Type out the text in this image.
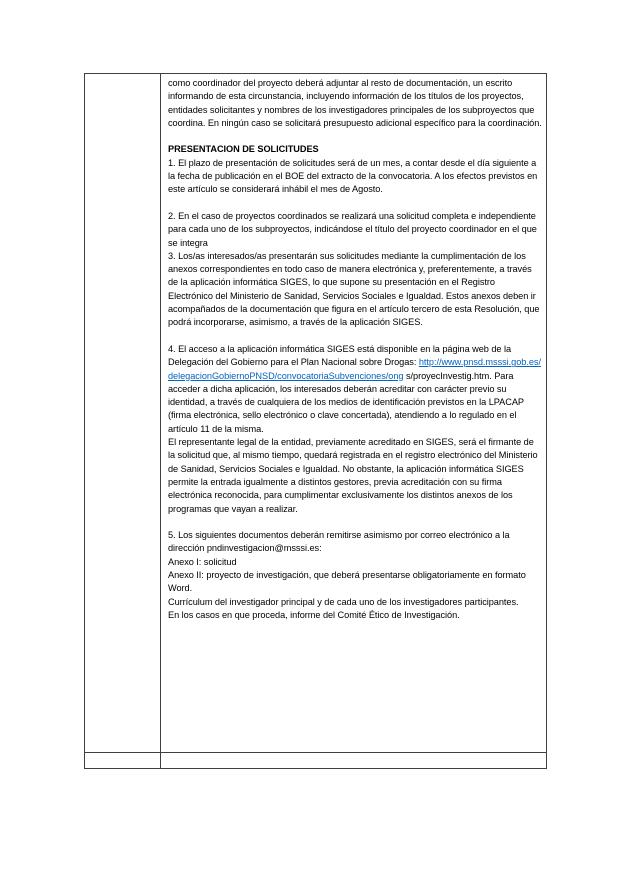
como coordinador del proyecto deberá adjuntar al resto de documentación, un escrito informando de esta circunstancia, incluyendo información de los títulos de los proyectos, entidades solicitantes y nombres de los investigadores principales de los subproyectos que coordina. En ningún caso se solicitará presupuesto adicional específico para la coordinación.

PRESENTACION DE SOLICITUDES

1. El plazo de presentación de solicitudes será de un mes, a contar desde el día siguiente a la fecha de publicación en el BOE del extracto de la convocatoria. A los efectos previstos en este artículo se considerará inhábil el mes de Agosto.

2. En el caso de proyectos coordinados se realizará una solicitud completa e independiente para cada uno de los subproyectos, indicándose el título del proyecto coordinador en el que se integra

3. Los/as interesados/as presentarán sus solicitudes mediante la cumplimentación de los anexos correspondientes en todo caso de manera electrónica y, preferentemente, a través de la aplicación informática SIGES, lo que supone su presentación en el Registro Electrónico del Ministerio de Sanidad, Servicios Sociales e Igualdad. Estos anexos deben ir acompañados de la documentación que figura en el artículo tercero de esta Resolución, que podrá incorporarse, asimismo, a través de la aplicación SIGES.

4. El acceso a la aplicación informática SIGES está disponible en la página web de la Delegación del Gobierno para el Plan Nacional sobre Drogas: http://www.pnsd.msssi.gob.es/delegacionGobiernoPNSD/convocatoriaSubvenciones/ong s/proyecInvestig.htm. Para acceder a dicha aplicación, los interesados deberán acreditar con carácter previo su identidad, a través de cualquiera de los medios de identificación previstos en la LPACAP (firma electrónica, sello electrónico o clave concertada), atendiendo a lo regulado en el artículo 11 de la misma.

El representante legal de la entidad, previamente acreditado en SIGES, será el firmante de la solicitud que, al mismo tiempo, quedará registrada en el registro electrónico del Ministerio de Sanidad, Servicios Sociales e Igualdad. No obstante, la aplicación informática SIGES permite la entrada igualmente a distintos gestores, previa acreditación con su firma electrónica reconocida, para cumplimentar exclusivamente los distintos anexos de los programas que vayan a realizar.

5. Los siguientes documentos deberán remitirse asimismo por correo electrónico a la dirección pndinvestigacion@msssi.es:

Anexo I: solicitud

Anexo II: proyecto de investigación, que deberá presentarse obligatoriamente en formato Word.

Currículum del investigador principal y de cada uno de los investigadores participantes.

En los casos en que proceda, informe del Comité Ético de Investigación.
